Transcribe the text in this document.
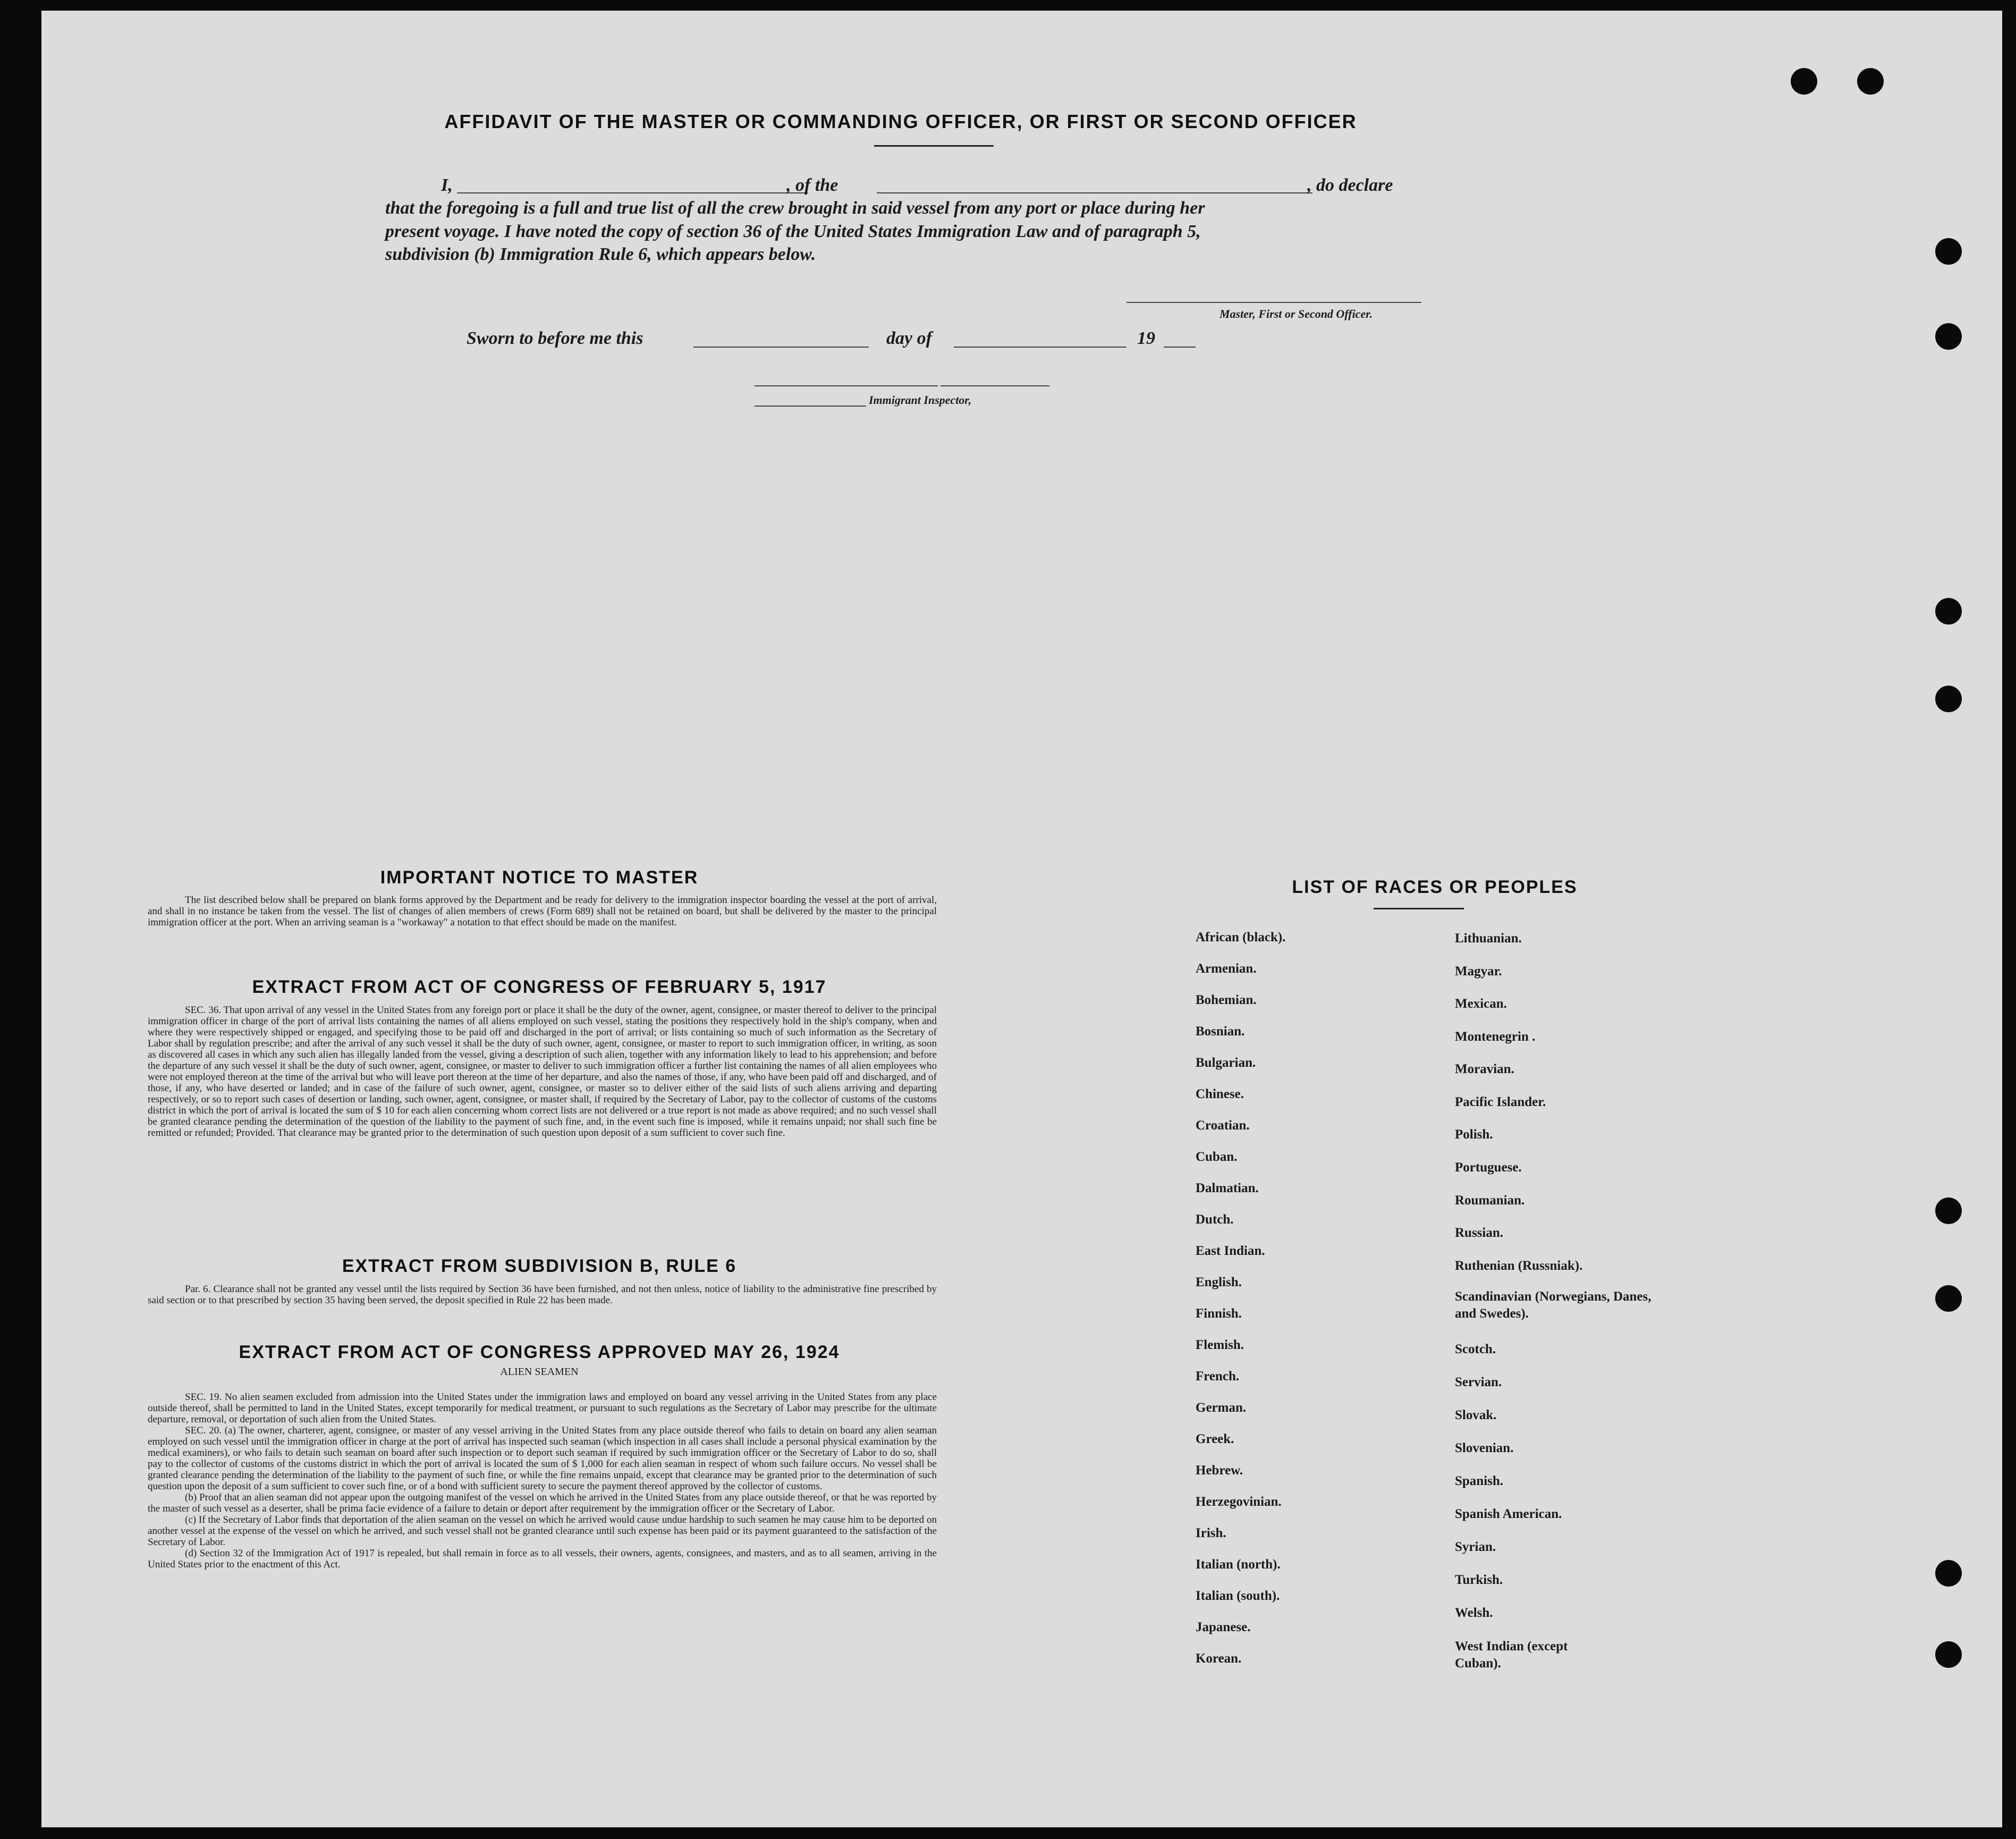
AFFIDAVIT OF THE MASTER OR COMMANDING OFFICER, OR FIRST OR SECOND OFFICER
I,	, of the	, do declare
that the foregoing is a full and true list of all the crew brought in said vessel from any port or place during her
present voyage. I have noted the copy of section 36 of the United States Immigration Law and of paragraph 5,
subdivision (b) Immigration Rule 6, which appears below.
Master, First or Second Officer.
Sworn to before me this	day of	19
Immigrant Inspector,
IMPORTANT NOTICE TO MASTER
The list described below shall be prepared on blank forms approved by the Department and be ready for delivery to the immigration inspector boarding the vessel at the port of arrival, and shall in no instance be taken from the vessel. The list of changes of alien members of crews (Form 689) shall not be retained on board, but shall be delivered by the master to the principal immigration officer at the port. When an arriving seaman is a "workaway" a notation to that effect should be made on the manifest.
EXTRACT FROM ACT OF CONGRESS OF FEBRUARY 5, 1917
SEC. 36. That upon arrival of any vessel in the United States from any foreign port or place it shall be the duty of the owner, agent, consignee, or master thereof to deliver to the principal immigration officer in charge of the port of arrival lists containing the names of all aliens employed on such vessel, stating the positions they respectively hold in the ship's company, when and where they were respectively shipped or engaged, and specifying those to be paid off and discharged in the port of arrival; or lists containing so much of such information as the Secretary of Labor shall by regulation prescribe; and after the arrival of any such vessel it shall be the duty of such owner, agent, consignee, or master to report to such immigration officer, in writing, as soon as discovered all cases in which any such alien has illegally landed from the vessel, giving a description of such alien, together with any information likely to lead to his apprehension; and before the departure of any such vessel it shall be the duty of such owner, agent, consignee, or master to deliver to such immigration officer a further list containing the names of all alien employees who were not employed thereon at the time of the arrival but who will leave port thereon at the time of her departure, and also the names of those, if any, who have been paid off and discharged, and of those, if any, who have deserted or landed; and in case of the failure of such owner, agent, consignee, or master so to deliver either of the said lists of such aliens arriving and departing respectively, or so to report such cases of desertion or landing, such owner, agent, consignee, or master shall, if required by the Secretary of Labor, pay to the collector of customs of the customs district in which the port of arrival is located the sum of $ 10 for each alien concerning whom correct lists are not delivered or a true report is not made as above required; and no such vessel shall be granted clearance pending the determination of the question of the liability to the payment of such fine, and, in the event such fine is imposed, while it remains unpaid; nor shall such fine be remitted or refunded; Provided. That clearance may be granted prior to the determination of such question upon deposit of a sum sufficient to cover such fine.
EXTRACT FROM SUBDIVISION B, RULE 6
Par. 6. Clearance shall not be granted any vessel until the lists required by Section 36 have been furnished, and not then unless, notice of liability to the administrative fine prescribed by said section or to that prescribed by section 35 having been served, the deposit specified in Rule 22 has been made.
EXTRACT FROM ACT OF CONGRESS APPROVED MAY 26, 1924
ALIEN SEAMEN
SEC. 19. No alien seamen excluded from admission into the United States under the immigration laws and employed on board any vessel arriving in the United States from any place outside thereof, shall be permitted to land in the United States, except temporarily for medical treatment, or pursuant to such regulations as the Secretary of Labor may prescribe for the ultimate departure, removal, or deportation of such alien from the United States.
SEC. 20. (a) The owner, charterer, agent, consignee, or master of any vessel arriving in the United States from any place outside thereof who fails to detain on board any alien seaman employed on such vessel until the immigration officer in charge at the port of arrival has inspected such seaman (which inspection in all cases shall include a personal physical examination by the medical examiners), or who fails to detain such seaman on board after such inspection or to deport such seaman if required by such immigration officer or the Secretary of Labor to do so, shall pay to the collector of customs of the customs district in which the port of arrival is located the sum of $ 1,000 for each alien seaman in respect of whom such failure occurs. No vessel shall be granted clearance pending the determination of the liability to the payment of such fine, or while the fine remains unpaid, except that clearance may be granted prior to the determination of such question upon the deposit of a sum sufficient to cover such fine, or of a bond with sufficient surety to secure the payment thereof approved by the collector of customs.
(b) Proof that an alien seaman did not appear upon the outgoing manifest of the vessel on which he arrived in the United States from any place outside thereof, or that he was reported by the master of such vessel as a deserter, shall be prima facie evidence of a failure to detain or deport after requirement by the immigration officer or the Secretary of Labor.
(c) If the Secretary of Labor finds that deportation of the alien seaman on the vessel on which he arrived would cause undue hardship to such seamen he may cause him to be deported on another vessel at the expense of the vessel on which he arrived, and such vessel shall not be granted clearance until such expense has been paid or its payment guaranteed to the satisfaction of the Secretary of Labor.
(d) Section 32 of the Immigration Act of 1917 is repealed, but shall remain in force as to all vessels, their owners, agents, consignees, and masters, and as to all seamen, arriving in the United States prior to the enactment of this Act.
LIST OF RACES OR PEOPLES
African (black).
Armenian.
Bohemian.
Bosnian.
Bulgarian.
Chinese.
Croatian.
Cuban.
Dalmatian.
Dutch.
East Indian.
English.
Finnish.
Flemish.
French.
German.
Greek.
Hebrew.
Herzegovinian.
Irish.
Italian (north).
Italian (south).
Japanese.
Korean.
Lithuanian.
Magyar.
Mexican.
Montenegrin .
Moravian.
Pacific Islander.
Polish.
Portuguese.
Roumanian.
Russian.
Ruthenian (Russniak).
Scandinavian (Norwegians, Danes, and Swedes).
Scotch.
Servian.
Slovak.
Slovenian.
Spanish.
Spanish American.
Syrian.
Turkish.
Welsh.
West Indian (except Cuban).
